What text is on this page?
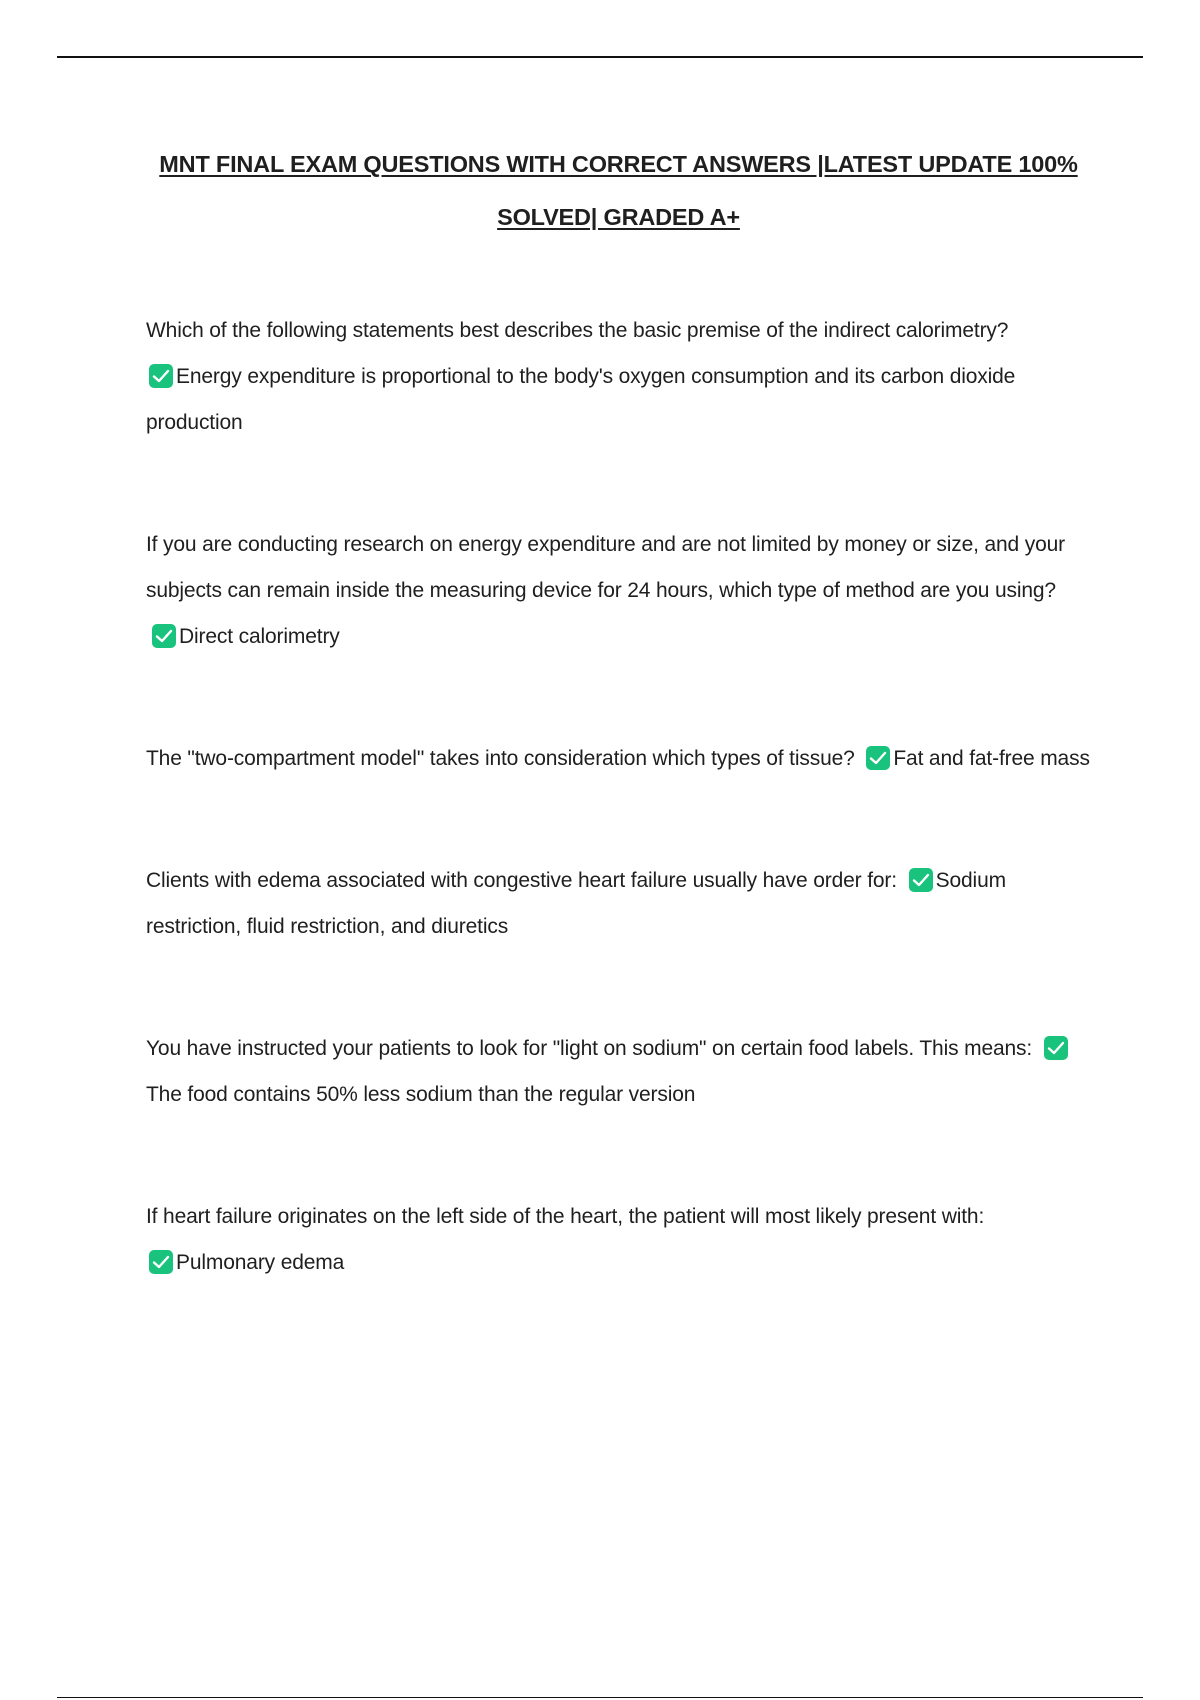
MNT FINAL EXAM QUESTIONS WITH CORRECT ANSWERS |LATEST UPDATE 100%
SOLVED| GRADED A+
Which of the following statements best describes the basic premise of the indirect calorimetry?

Energy expenditure is proportional to the body's oxygen consumption and its carbon dioxide production
If you are conducting research on energy expenditure and are not limited by money or size, and your subjects can remain inside the measuring device for 24 hours, which type of method are you using?
Direct calorimetry
The "two-compartment model" takes into consideration which types of tissue? Fat and fat-free mass
Clients with edema associated with congestive heart failure usually have order for: Sodium restriction, fluid restriction, and diuretics
You have instructed your patients to look for "light on sodium" on certain food labels. This means:
The food contains 50% less sodium than the regular version
If heart failure originates on the left side of the heart, the patient will most likely present with:

Pulmonary edema
